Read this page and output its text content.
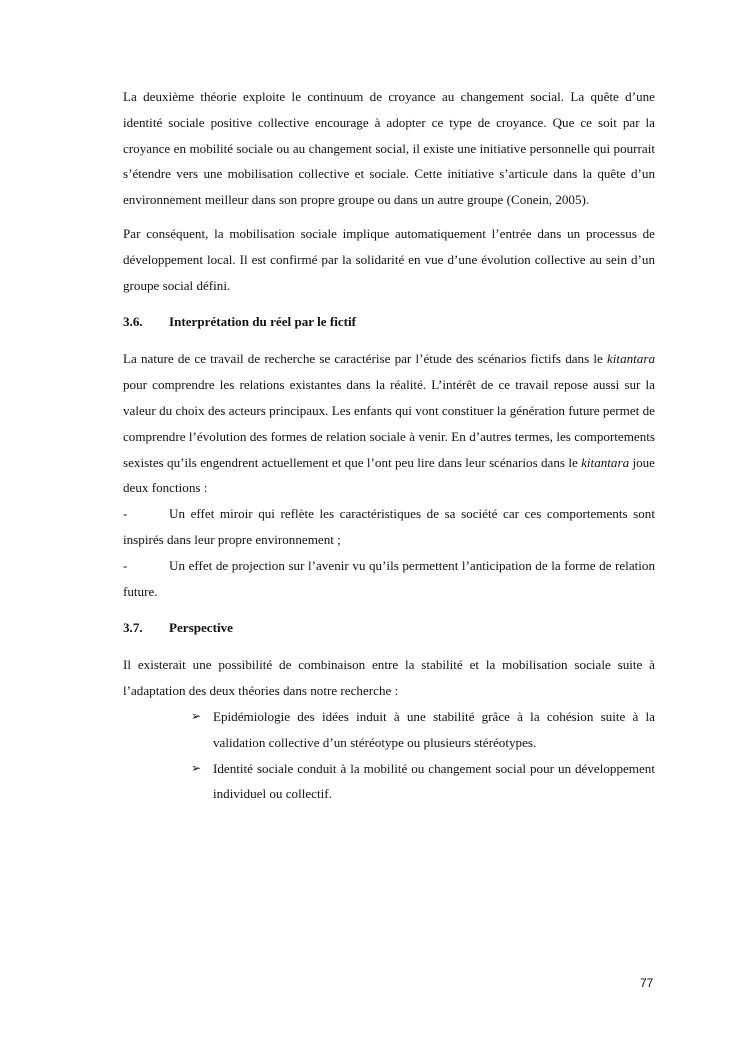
La deuxième théorie exploite le continuum de croyance au changement social. La quête d’une identité sociale positive collective encourage à adopter ce type de croyance. Que ce soit par la croyance en mobilité sociale ou au changement social, il existe une initiative personnelle qui pourrait s’étendre vers une mobilisation collective et sociale. Cette initiative s’articule dans la quête d’un environnement meilleur dans son propre groupe ou dans un autre groupe (Conein, 2005).

Par conséquent, la mobilisation sociale implique automatiquement l’entrée dans un processus de développement local. Il est confirmé par la solidarité en vue d’une évolution collective au sein d’un groupe social défini.

3.6.	Interprétation du réel par le fictif

La nature de ce travail de recherche se caractérise par l’étude des scénarios fictifs dans le kitantara pour comprendre les relations existantes dans la réalité. L’intérêt de ce travail repose aussi sur la valeur du choix des acteurs principaux. Les enfants qui vont constituer la génération future permet de comprendre l’évolution des formes de relation sociale à venir. En d’autres termes, les comportements sexistes qu’ils engendrent actuellement et que l’ont peu lire dans leur scénarios dans le kitantara joue deux fonctions :

-	Un effet miroir qui reflète les caractéristiques de sa société car ces comportements sont inspirés dans leur propre environnement ;

-	Un effet de projection sur l’avenir vu qu’ils permettent l’anticipation de la forme de relation future.

3.7.	Perspective

Il existerait une possibilité de combinaison entre la stabilité et la mobilisation sociale suite à l’adaptation des deux théories dans notre recherche :

➢ Epidémiologie des idées induit à une stabilité grâce à la cohésion suite à la validation collective d’un stéréotype ou plusieurs stéréotypes.
➢ Identité sociale conduit à la mobilité ou changement social pour un développement individuel ou collectif.
77
